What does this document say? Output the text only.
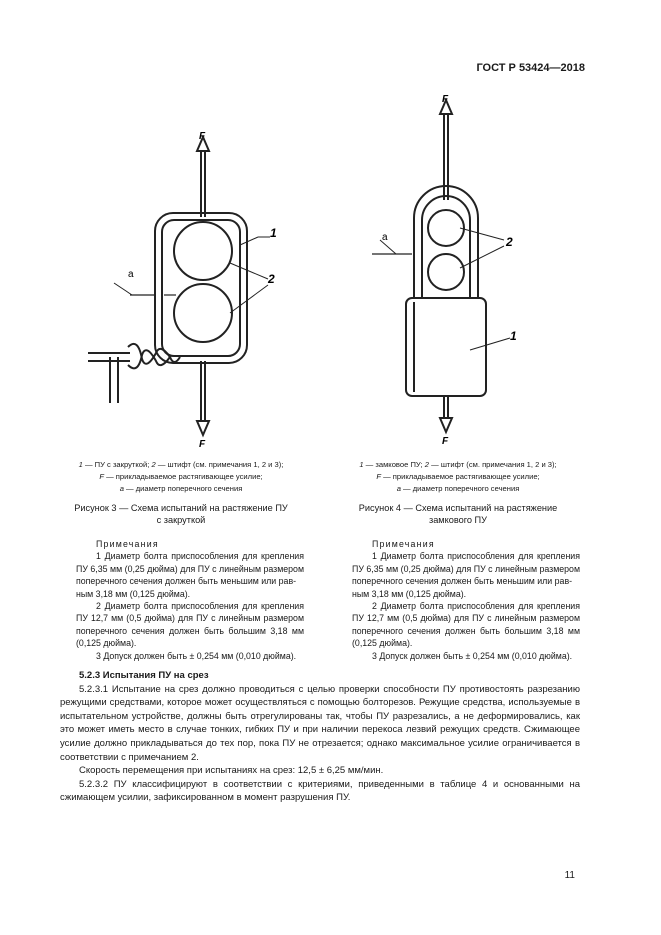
ГОСТ Р 53424—2018
F
F
a
1
2
F
F
a	2
1
1 — ПУ с закруткой; 2 — штифт (см. примечания 1, 2 и 3);
F — прикладываемое растягивающее усилие;
a — диаметр поперечного сечения
Рисунок 3 — Схема испытаний на растяжение ПУ
с закруткой
1 — замковое ПУ; 2 — штифт (см. примечания 1, 2 и 3);
F — прикладываемое растягивающее усилие;
a — диаметр поперечного сечения
Рисунок 4 — Схема испытаний на растяжение
замкового ПУ

Примечания

1 Диаметр болта приспособления для крепления ПУ 6,35 мм (0,25 дюйма) для ПУ с линейным размером поперечного сечения должен быть меньшим или рав-

ным 3,18 мм (0,125 дюйма).

2 Диаметр болта приспособления для крепления ПУ 12,7 мм (0,5 дюйма) для ПУ с линейным размером поперечного сечения должен быть большим 3,18 мм (0,125 дюйма).

3 Допуск должен быть ± 0,254 мм (0,010 дюйма).

Примечания

1 Диаметр болта приспособления для крепления ПУ 6,35 мм (0,25 дюйма) для ПУ с линейным размером поперечного сечения должен быть меньшим или рав-

ным 3,18 мм (0,125 дюйма).

2 Диаметр болта приспособления для крепления ПУ 12,7 мм (0,5 дюйма) для ПУ с линейным размером поперечного сечения должен быть большим 3,18 мм (0,125 дюйма).

3 Допуск должен быть ± 0,254 мм (0,010 дюйма).

5.2.3 Испытания ПУ на срез

5.2.3.1 Испытание на срез должно проводиться с целью проверки способности ПУ противостоять разрезанию режущими средствами, которое может осуществляться с помощью болторезов. Режущие средства, используемые в испытательном устройстве, должны быть отрегулированы так, чтобы ПУ разрезались, а не деформировались, как это может иметь место в случае тонких, гибких ПУ и при наличии перекоса лезвий режущих средств. Сжимающее усилие должно прикладываться до тех пор, пока ПУ не отрезается; однако максимальное усилие ограничивается в соответствии с примечанием 2.

Скорость перемещения при испытаниях на срез: 12,5 ± 6,25 мм/мин.

5.2.3.2 ПУ классифицируют в соответствии с критериями, приведенными в таблице 4 и основанными на сжимающем усилии, зафиксированном в момент разрушения ПУ.

11
